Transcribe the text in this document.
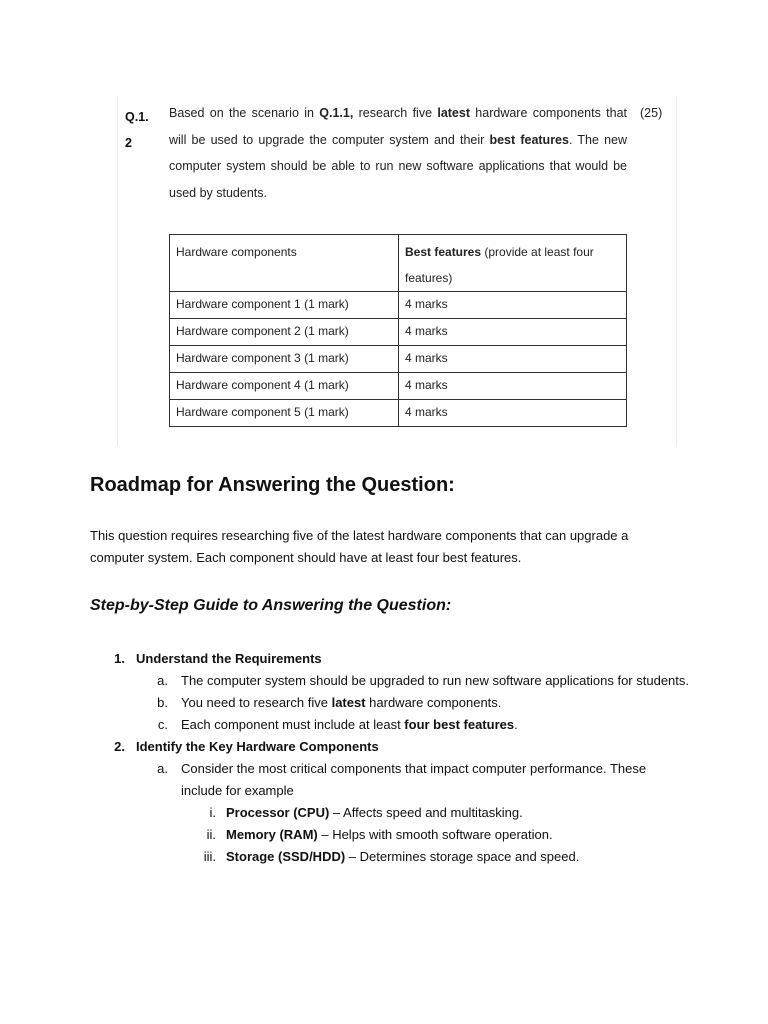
Q.1.
2
Based on the scenario in Q.1.1, research five latest hardware components that will be used to upgrade the computer system and their best features. The new computer system should be able to run new software applications that would be used by students.
(25)
Hardware components	Best features (provide at least four features)
Hardware component 1 (1 mark)	4 marks
Hardware component 2 (1 mark)	4 marks
Hardware component 3 (1 mark)	4 marks
Hardware component 4 (1 mark)	4 marks
Hardware component 5 (1 mark)	4 marks
Roadmap for Answering the Question:
This question requires researching five of the latest hardware components that can upgrade a computer system. Each component should have at least four best features.
Step-by-Step Guide to Answering the Question:
1. Understand the Requirements
a. The computer system should be upgraded to run new software applications for students.
b. You need to research five latest hardware components.
c. Each component must include at least four best features.
2. Identify the Key Hardware Components
a. Consider the most critical components that impact computer performance. These include for example
i. Processor (CPU) – Affects speed and multitasking.
ii. Memory (RAM) – Helps with smooth software operation.
iii. Storage (SSD/HDD) – Determines storage space and speed.
